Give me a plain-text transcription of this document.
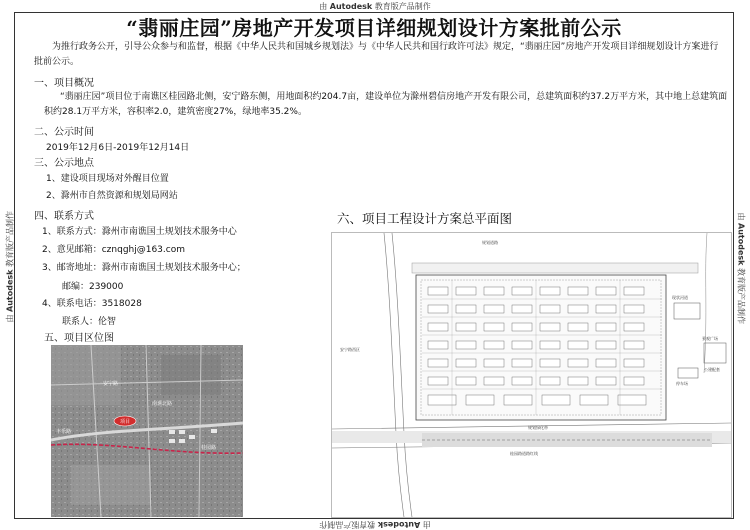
由 Autodesk 教育版产品制作
由 Autodesk 教育版产品制作
由 Autodesk 教育版产品制作	由 Autodesk 教育版产品制作
“翡丽庄园”房地产开发项目详细规划设计方案批前公示
为推行政务公开，引导公众参与和监督，根据《中华人民共和国城乡规划法》与《中华人民共和国行政许可法》规定，“翡丽庄园”房地产开发项目详细规划设计方案进行批前公示。
一、项目概况
“翡丽庄园”项目位于南谯区桂园路北侧，安宁路东侧，用地面积约204.7亩，建设单位为滁州碧信房地产开发有限公司，总建筑面积约37.2万平方米，其中地上总建筑面积约28.1万平方米，容积率2.0，建筑密度27%，绿地率35.2%。
二、公示时间
2019年12月6日-2019年12月14日
三、公示地点
1、建设项目现场对外醒目位置
2、滁州市自然资源和规划局网站
四、联系方式
1、联系方式：滁州市南谯国土规划技术服务中心
2、意见邮箱：cznqghj@163.com
3、邮寄地址：滁州市南谯国土规划技术服务中心；
邮编：239000
4、联系电话：3518028
联系人：伦智
五、项目区位图
六、项目工程设计方案总平面图
项目
丰乐路
南谯北路
桂园路
安宁路
规划道路
安宁路西区
规划绿化带
桂园路道路红线
现状河道
景观广场
公建配套
停车场
